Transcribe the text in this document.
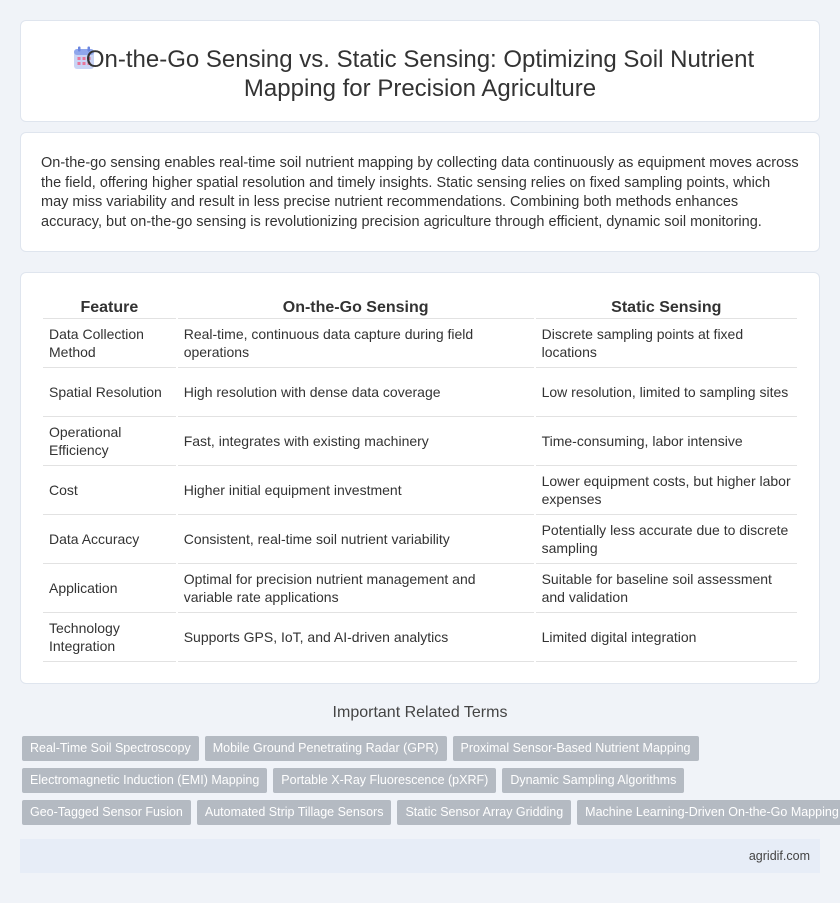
On-the-Go Sensing vs. Static Sensing: Optimizing Soil Nutrient
Mapping for Precision Agriculture

On-the-go sensing enables real-time soil nutrient mapping by collecting data continuously as equipment moves across the field, offering higher spatial resolution and timely insights. Static sensing relies on fixed sampling points, which may miss variability and result in less precise nutrient recommendations. Combining both methods enhances accuracy, but on-the-go sensing is revolutionizing precision agriculture through efficient, dynamic soil monitoring.

Feature	On-the-Go Sensing	Static Sensing
Data Collection Method	Real-time, continuous data capture during field operations	Discrete sampling points at fixed locations
Spatial Resolution	High resolution with dense data coverage	Low resolution, limited to sampling sites
Operational Efficiency	Fast, integrates with existing machinery	Time-consuming, labor intensive
Cost	Higher initial equipment investment	Lower equipment costs, but higher labor expenses
Data Accuracy	Consistent, real-time soil nutrient variability	Potentially less accurate due to discrete sampling
Application	Optimal for precision nutrient management and variable rate applications	Suitable for baseline soil assessment and validation
Technology Integration	Supports GPS, IoT, and AI-driven analytics	Limited digital integration
Important Related Terms
Real-Time Soil Spectroscopy	Mobile Ground Penetrating Radar (GPR)	Proximal Sensor-Based Nutrient Mapping
Electromagnetic Induction (EMI) Mapping	Portable X-Ray Fluorescence (pXRF)	Dynamic Sampling Algorithms
Geo-Tagged Sensor Fusion	Automated Strip Tillage Sensors	Static Sensor Array Gridding	Machine Learning-Driven On-the-Go Mapping
agridif.com
